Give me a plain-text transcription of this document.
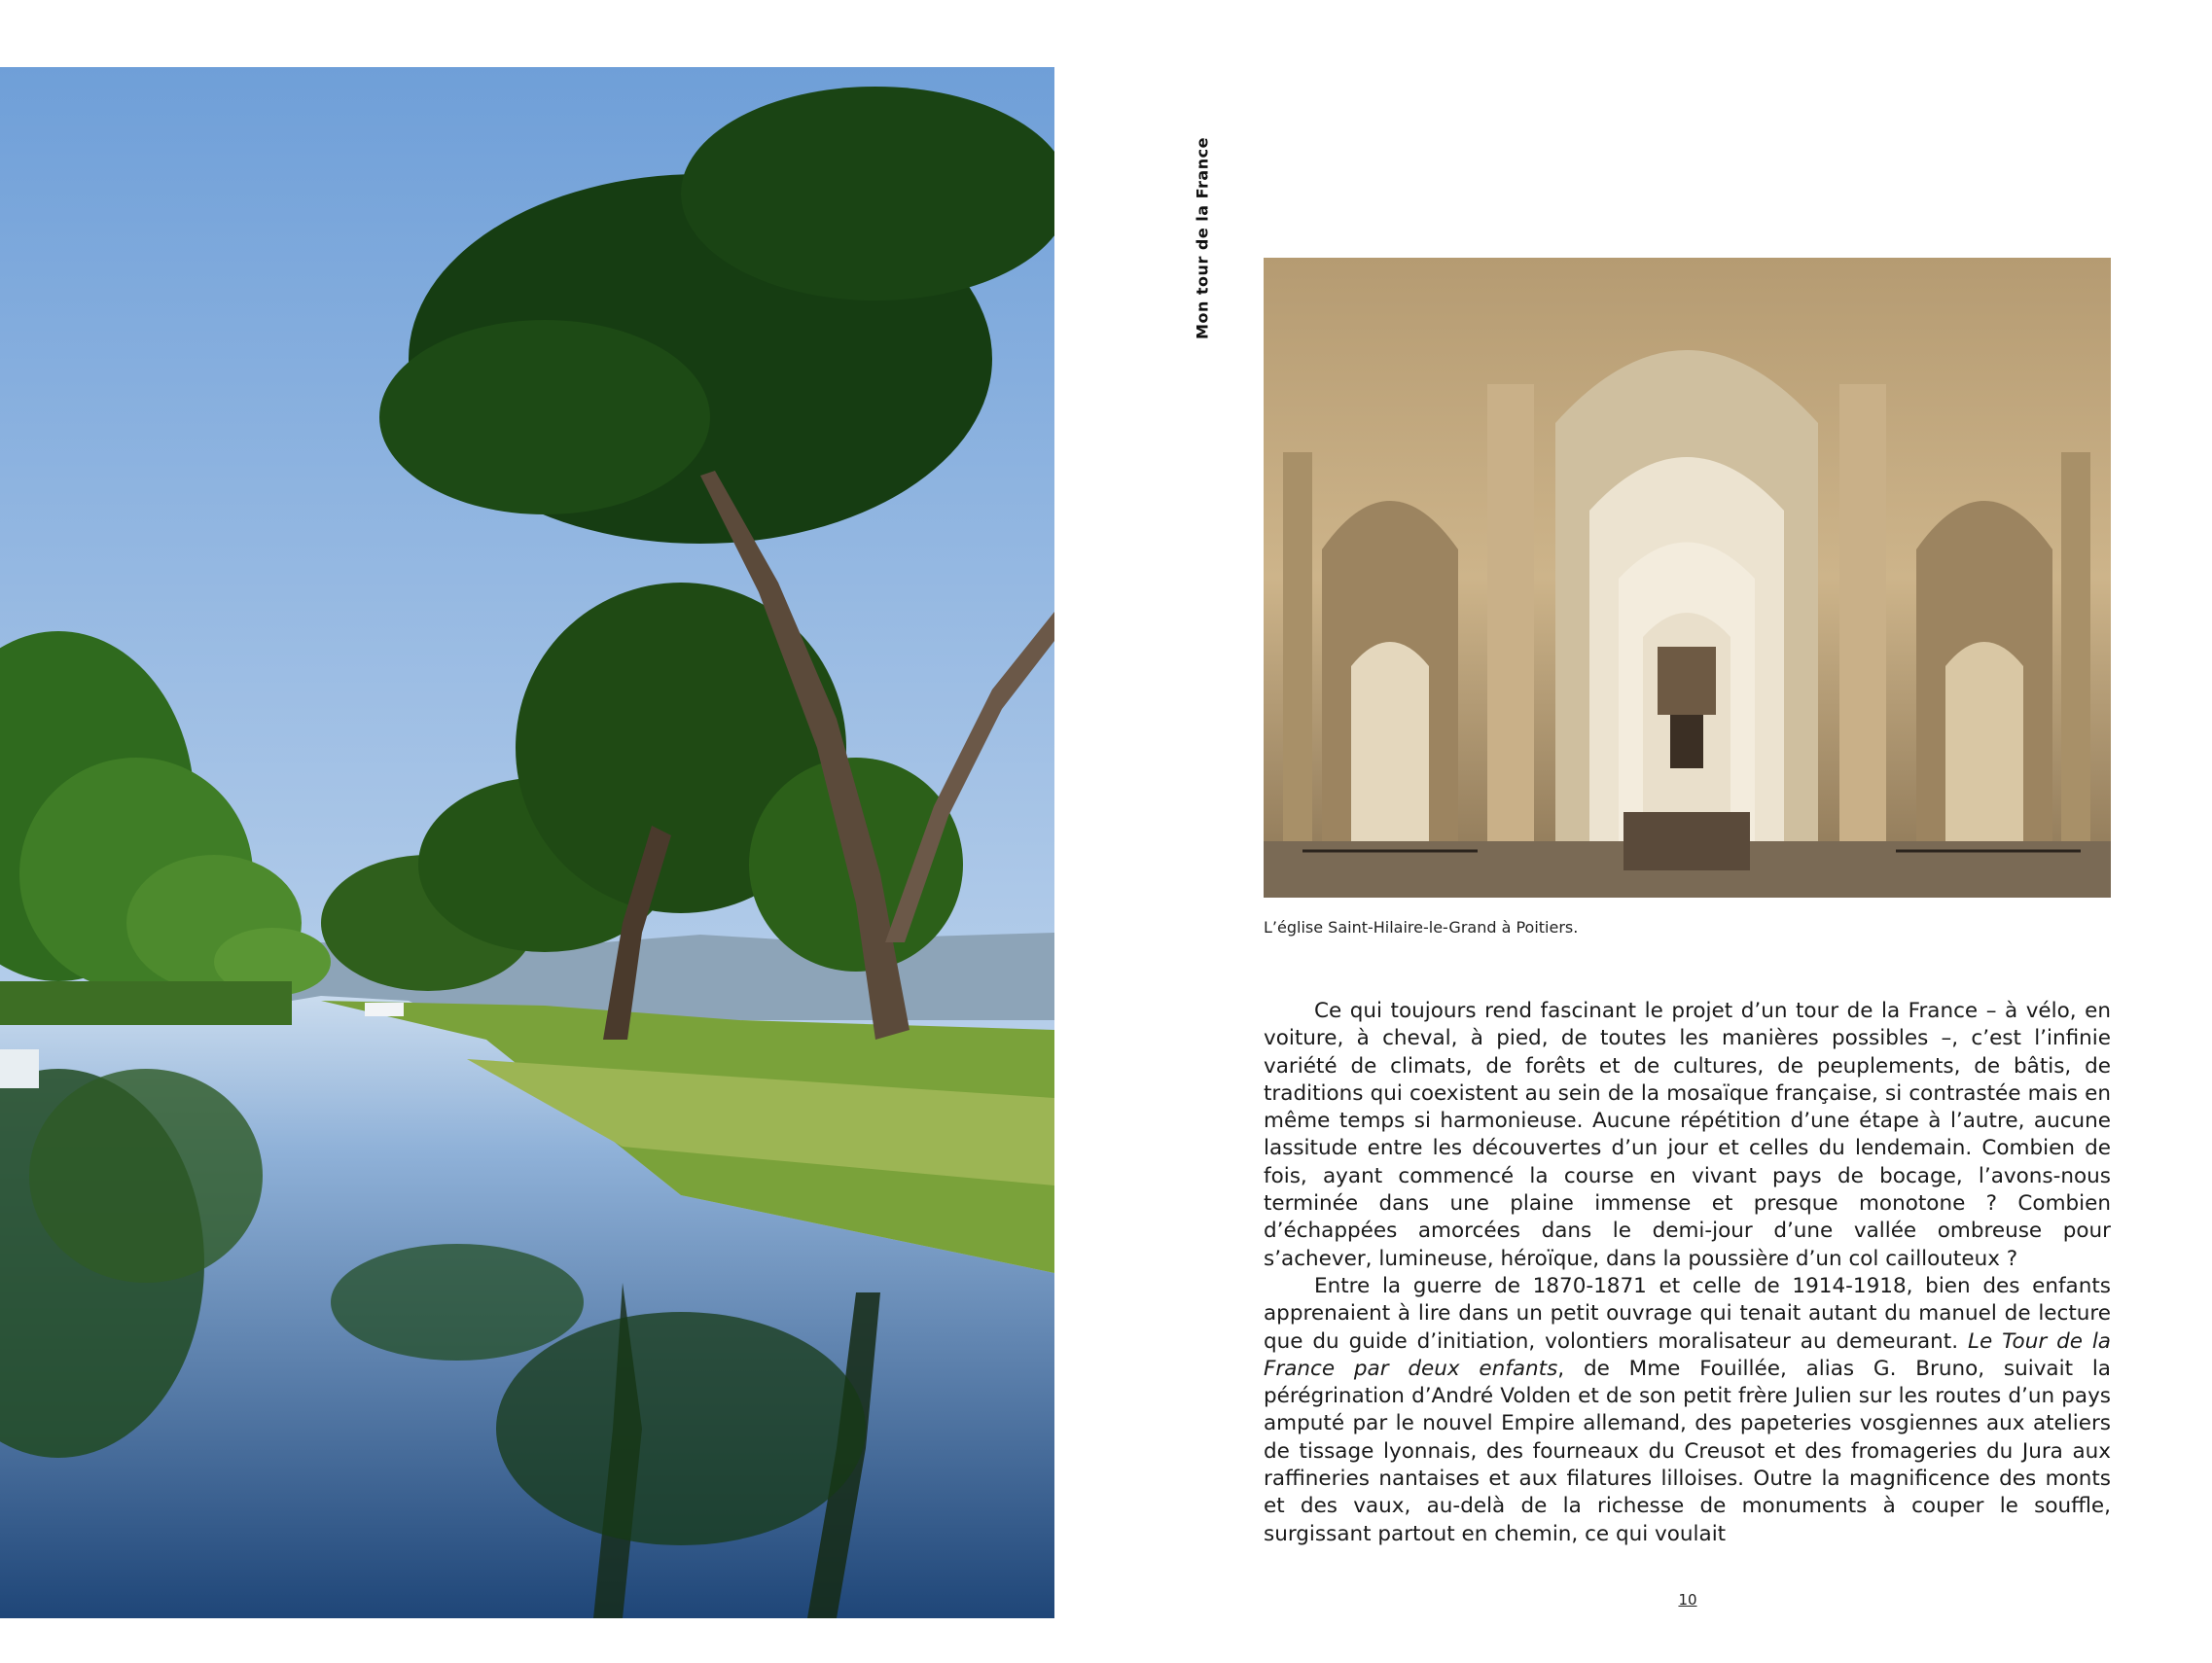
Mon tour de la France
L’église Saint-Hilaire-le-Grand à Poitiers.

Ce qui toujours rend fascinant le projet d’un tour de la France – à vélo, en voiture, à cheval, à pied, de toutes les manières possibles –, c’est l’infinie variété de climats, de forêts et de cultures, de peuplements, de bâtis, de traditions qui coexistent au sein de la mosaïque française, si contrastée mais en même temps si harmonieuse. Aucune répétition d’une étape à l’autre, aucune lassitude entre les découvertes d’un jour et celles du lendemain. Combien de fois, ayant commencé la course en vivant pays de bocage, l’avons-nous terminée dans une plaine immense et presque monotone ? Combien d’échappées amorcées dans le demi-jour d’une vallée ombreuse pour s’achever, lumineuse, héroïque, dans la poussière d’un col caillouteux ?

Entre la guerre de 1870-1871 et celle de 1914-1918, bien des enfants apprenaient à lire dans un petit ouvrage qui tenait autant du manuel de lecture que du guide d’initiation, volontiers moralisateur au demeurant. Le Tour de la France par deux enfants, de Mme Fouillée, alias G. Bruno, suivait la pérégrination d’André Volden et de son petit frère Julien sur les routes d’un pays amputé par le nouvel Empire allemand, des papeteries vosgiennes aux ateliers de tissage lyonnais, des fourneaux du Creusot et des fromageries du Jura aux raffineries nantaises et aux filatures lilloises. Outre la magnificence des monts et des vaux, au-delà de la richesse de monuments à couper le souffle, surgissant partout en chemin, ce qui voulait

10
